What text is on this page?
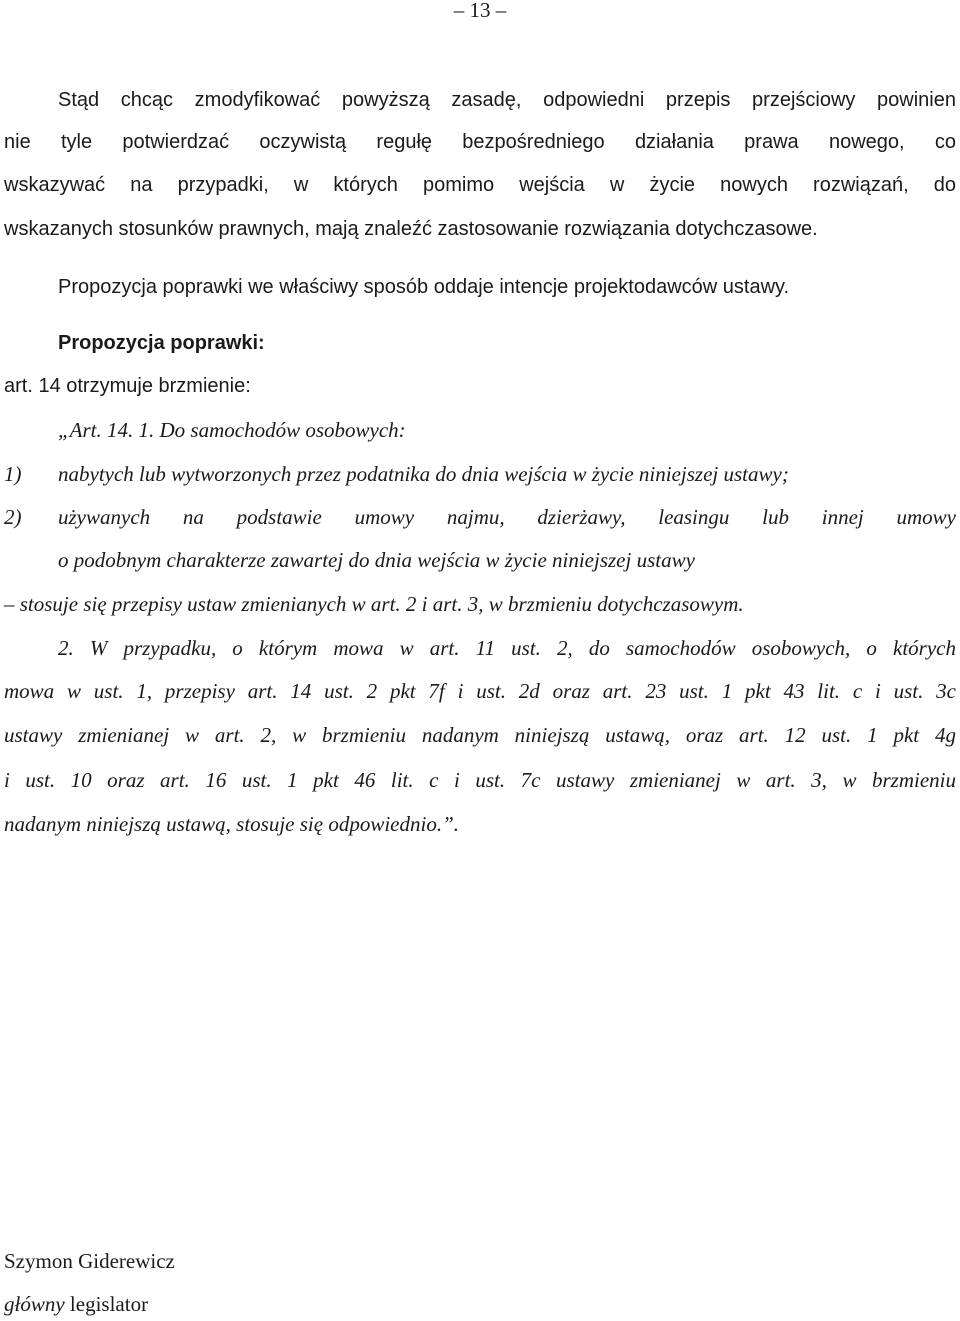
– 13 –
Stąd chcąc zmodyfikować powyższą zasadę, odpowiedni przepis przejściowy powinien
nie tyle potwierdzać oczywistą regułę bezpośredniego działania prawa nowego, co
wskazywać na przypadki, w których pomimo wejścia w życie nowych rozwiązań, do
wskazanych stosunków prawnych, mają znaleźć zastosowanie rozwiązania dotychczasowe.
Propozycja poprawki we właściwy sposób oddaje intencje projektodawców ustawy.
Propozycja poprawki:
art. 14 otrzymuje brzmienie:
„Art. 14. 1. Do samochodów osobowych:
1) nabytych lub wytworzonych przez podatnika do dnia wejścia w życie niniejszej ustawy;
2) używanych na podstawie umowy najmu, dzierżawy, leasingu lub innej umowy
o podobnym charakterze zawartej do dnia wejścia w życie niniejszej ustawy
– stosuje się przepisy ustaw zmienianych w art. 2 i art. 3, w brzmieniu dotychczasowym.
2. W przypadku, o którym mowa w art. 11 ust. 2, do samochodów osobowych, o których
mowa w ust. 1, przepisy art. 14 ust. 2 pkt 7f i ust. 2d oraz art. 23 ust. 1 pkt 43 lit. c i ust. 3c
ustawy zmienianej w art. 2, w brzmieniu nadanym niniejszą ustawą, oraz art. 12 ust. 1 pkt 4g
i ust. 10 oraz art. 16 ust. 1 pkt 46 lit. c i ust. 7c ustawy zmienianej w art. 3, w brzmieniu
nadanym niniejszą ustawą, stosuje się odpowiednio.”.
Szymon Giderewicz
główny legislator
